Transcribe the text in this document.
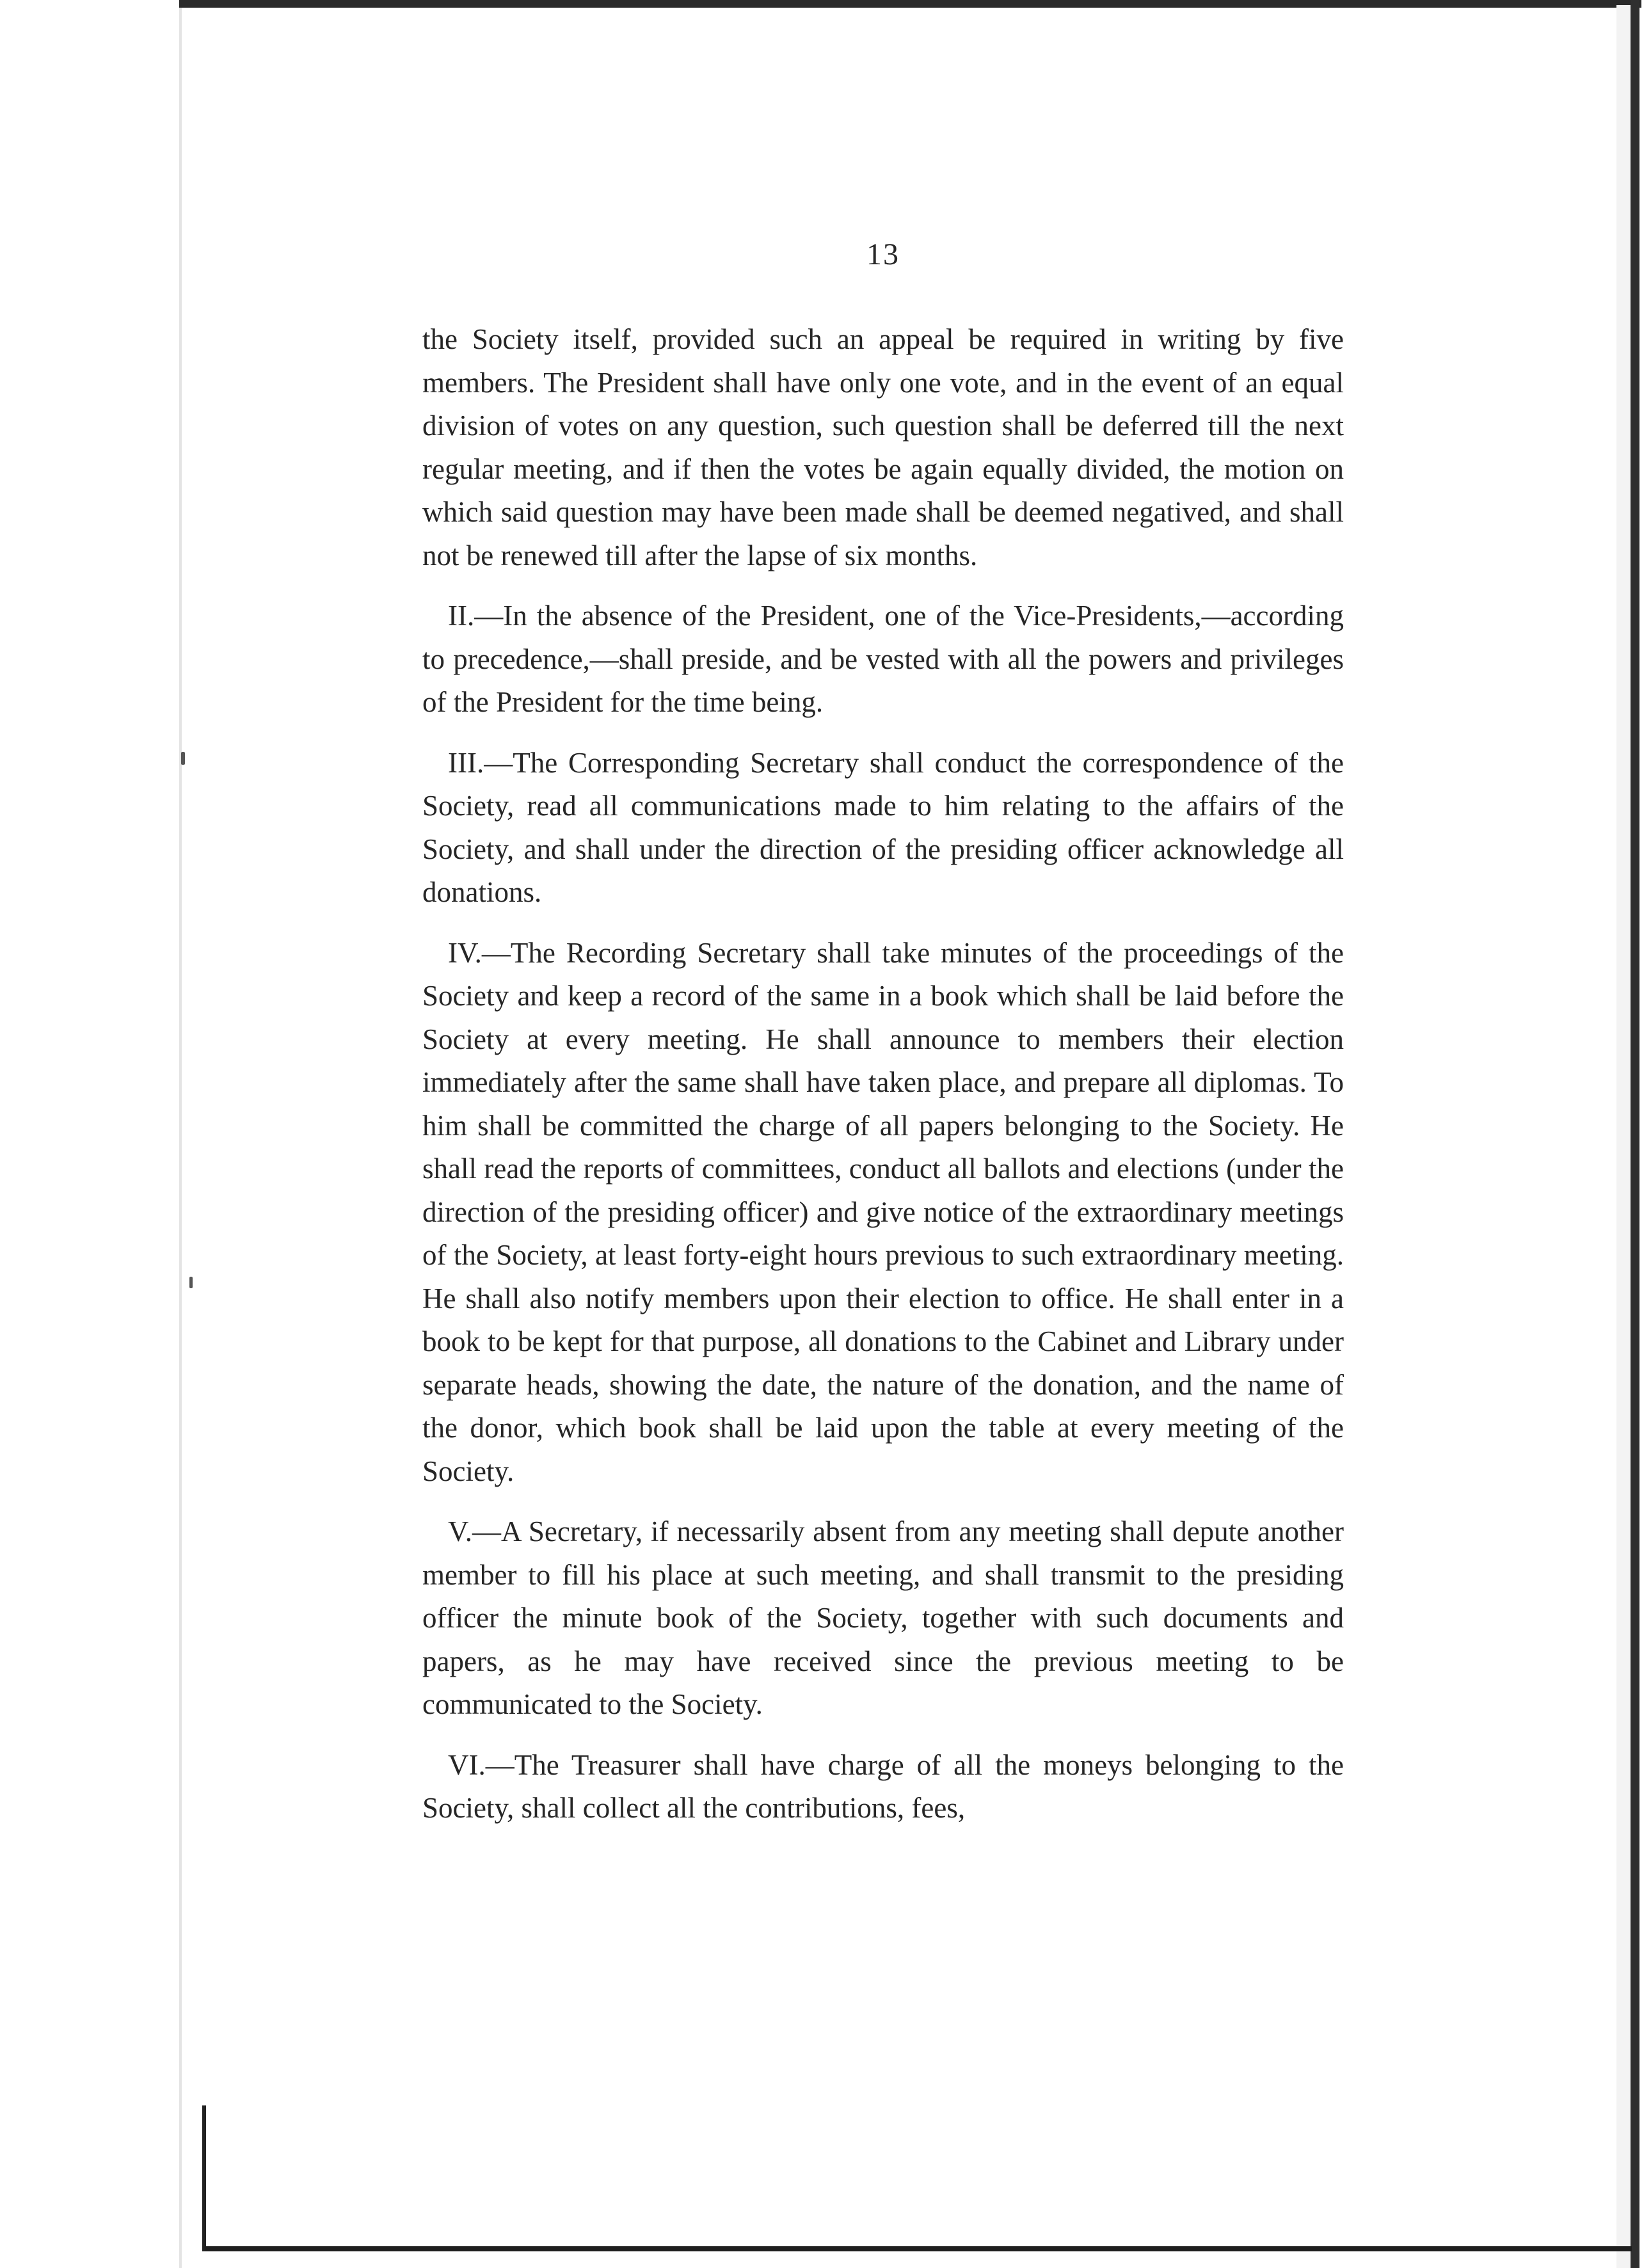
13

the Society itself, provided such an appeal be required in writing by five members. The President shall have only one vote, and in the event of an equal division of votes on any question, such question shall be deferred till the next regular meeting, and if then the votes be again equally divided, the motion on which said question may have been made shall be deemed negatived, and shall not be renewed till after the lapse of six months.

II.—In the absence of the President, one of the Vice-Presidents,—according to precedence,—shall preside, and be vested with all the powers and privileges of the President for the time being.

III.—The Corresponding Secretary shall conduct the correspondence of the Society, read all communications made to him relating to the affairs of the Society, and shall under the direction of the presiding officer acknowledge all donations.

IV.—The Recording Secretary shall take minutes of the proceedings of the Society and keep a record of the same in a book which shall be laid before the Society at every meeting. He shall announce to members their election immediately after the same shall have taken place, and prepare all diplomas. To him shall be committed the charge of all papers belonging to the Society. He shall read the reports of committees, conduct all ballots and elections (under the direction of the presiding officer) and give notice of the extraordinary meetings of the Society, at least forty-eight hours previous to such extraordinary meeting. He shall also notify members upon their election to office. He shall enter in a book to be kept for that purpose, all donations to the Cabinet and Library under separate heads, showing the date, the nature of the donation, and the name of the donor, which book shall be laid upon the table at every meeting of the Society.

V.—A Secretary, if necessarily absent from any meeting shall depute another member to fill his place at such meeting, and shall transmit to the presiding officer the minute book of the Society, together with such documents and papers, as he may have received since the previous meeting to be communicated to the Society.

VI.—The Treasurer shall have charge of all the moneys belonging to the Society, shall collect all the contributions, fees,
